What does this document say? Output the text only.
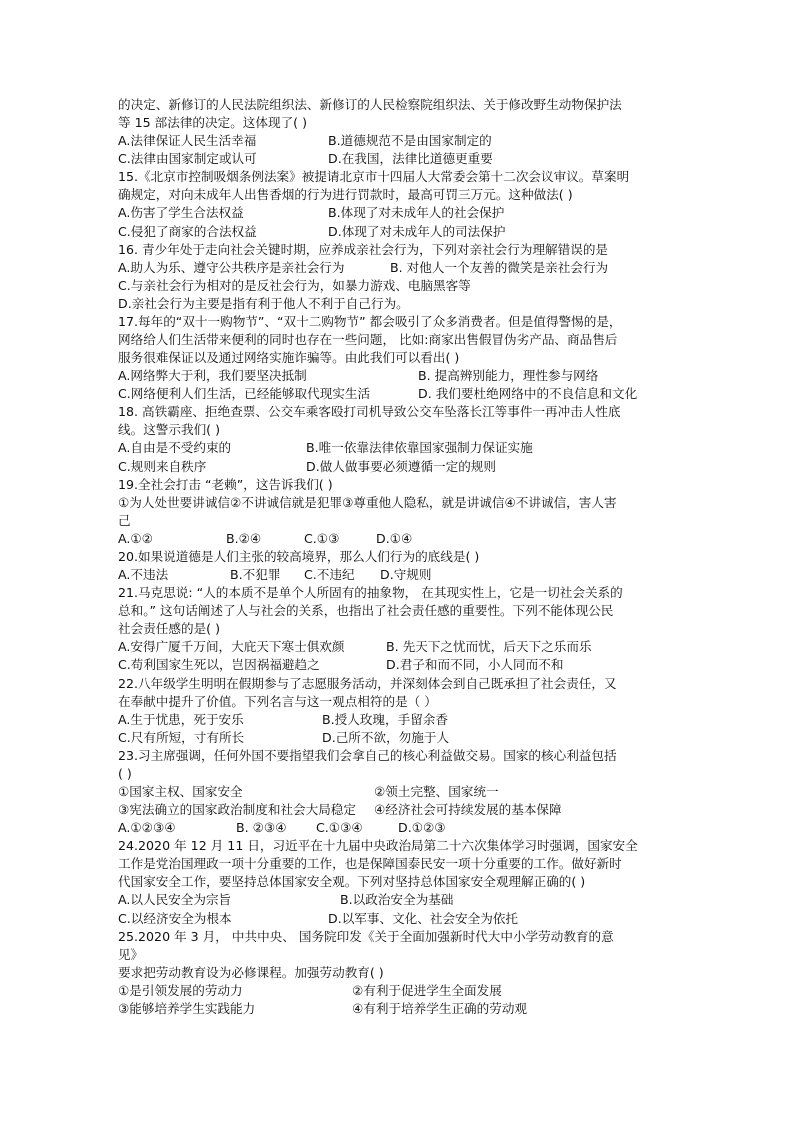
的决定、新修订的人民法院组织法、新修订的人民检察院组织法、关于修改野生动物保护法
等 15 部法律的决定。这体现了( )
A.法律保证人民生活幸福	B.道德规范不是由国家制定的
C.法律由国家制定或认可	D.在我国，法律比道德更重要
15.《北京市控制吸烟条例法案》被提请北京市十四届人大常委会第十二次会议审议。草案明
确规定，对向未成年人出售香烟的行为进行罚款时，最高可罚三万元。这种做法( )
A.伤害了学生合法权益	B.体现了对未成年人的社会保护
C.侵犯了商家的合法权益	D.体现了对未成年人的司法保护
16. 青少年处于走向社会关键时期，应养成亲社会行为，下列对亲社会行为理解错误的是
A.助人为乐、遵守公共秩序是亲社会行为	B. 对他人一个友善的微笑是亲社会行为
C.与亲社会行为相对的是反社会行为，如暴力游戏、电脑黑客等
D.亲社会行为主要是指有利于他人不利于自己行为。
17.每年的“双十一购物节”、“双十二购物节” 都会吸引了众多消费者。但是值得警惕的是，
网络给人们生活带来便利的同时也存在一些问题， 比如:商家出售假冒伪劣产品、商品售后
服务很难保证以及通过网络实施诈骗等。由此我们可以看出( )
A.网络弊大于利，我们要坚决抵制	B. 提高辨别能力，理性参与网络
C.网络便利人们生活，已经能够取代现实生活	D. 我们要杜绝网络中的不良信息和文化
18. 高铁霸座、拒绝查票、公交车乘客殴打司机导致公交车坠落长江等事件一再冲击人性底
线。这警示我们( )
A.自由是不受约束的	B.唯一依靠法律依靠国家强制力保证实施
C.规则来自秩序	D.做人做事要必须遵循一定的规则
19.全社会打击 “老赖”，这告诉我们( )
①为人处世要讲诚信②不讲诚信就是犯罪③尊重他人隐私，就是讲诚信④不讲诚信，害人害
己
A.①②	B.②④	C.①③	D.①④
20.如果说道德是人们主张的较高境界，那么人们行为的底线是( )
A.不违法	B.不犯罪	C.不违纪	D.守规则
21.马克思说: “人的本质不是单个人所固有的抽象物， 在其现实性上，它是一切社会关系的
总和。” 这句话阐述了人与社会的关系，也指出了社会责任感的重要性。下列不能体现公民
社会责任感的是( )
A.安得广厦千万间，大庇天下寒士俱欢颜	B. 先天下之忧而忧，后天下之乐而乐
C.苟利国家生死以，岂因祸福避趋之	D.君子和而不同，小人同而不和
22.八年级学生明明在假期参与了志愿服务活动，并深刻体会到自己既承担了社会责任，又
在奉献中提升了价值。下列名言与这一观点相符的是（ ）
A.生于忧患，死于安乐	B.授人玫瑰，手留余香
C.尺有所短，寸有所长	D.己所不欲，勿施于人
23.习主席强调，任何外国不要指望我们会拿自己的核心利益做交易。国家的核心利益包括
( )
①国家主权、国家安全	②领土完整、国家统一
③宪法确立的国家政治制度和社会大局稳定	④经济社会可持续发展的基本保障
A.①②③④	B. ②③④	C.①③④	D.①②③
24.2020 年 12 月 11 日，习近平在十九届中央政治局第二十六次集体学习时强调，国家安全
工作是党治国理政一项十分重要的工作，也是保障国泰民安一项十分重要的工作。做好新时
代国家安全工作，要坚持总体国家安全观。下列对坚持总体国家安全观理解正确的( )
A.以人民安全为宗旨	B.以政治安全为基础
C.以经济安全为根本	D.以军事、文化、社会安全为依托
25.2020 年 3 月， 中共中央、 国务院印发《关于全面加强新时代大中小学劳动教育的意
见》
要求把劳动教育设为必修课程。加强劳动教育( )
①是引领发展的劳动力	②有利于促进学生全面发展
③能够培养学生实践能力	④有利于培养学生正确的劳动观
